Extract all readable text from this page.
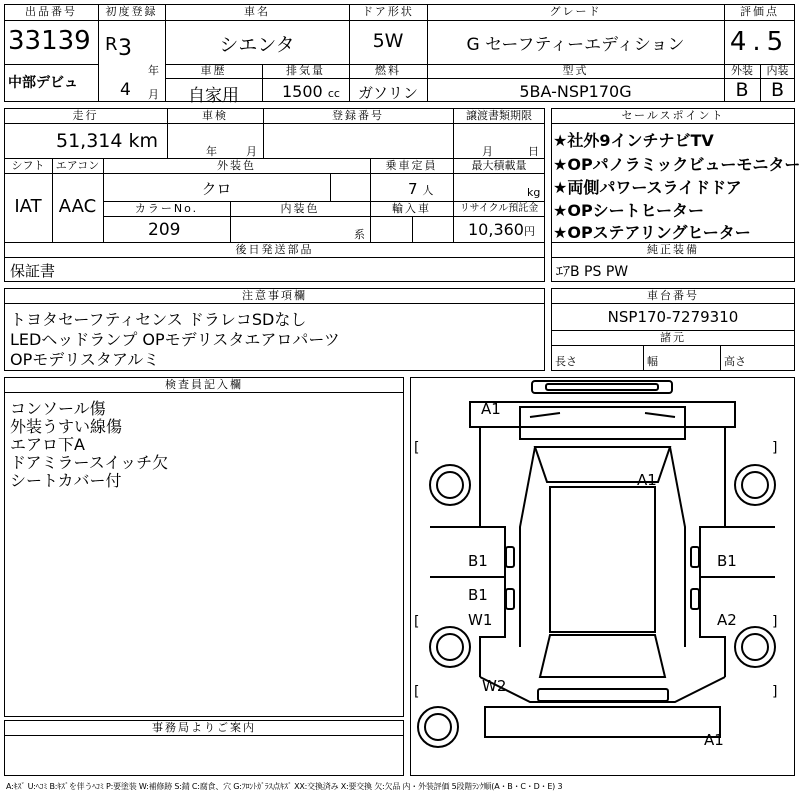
出品番号
33139
中部デビュ
初度登録
R 3
年
4 月
車名
シエンタ
ドア形状
5W
グレード
G セーフティーエディション
評価点
4.5
車歴
自家用
排気量
1500 cc
燃料
ガソリン
型式
5BA-NSP170G
外装	内装
B	B
走行
51,314 km
車検
年	月
登録番号	譲渡書類期限
月	日
シフト
IAT
エアコン
AAC
外装色
クロ
乗車定員
7 人
最大積載量
kg
カラーNo.
209
内装色
系
輸入車	リサイクル預託金
10,360円
後日発送部品
保証書
セールスポイント
★社外9インチナビTV
★OPパノラミックビューモニター
★両側パワースライドドア
★OPシートヒーター
★OPステアリングヒーター
純正装備
ｴｱB PS PW
注意事項欄
トヨタセーフティセンス ドラレコSDなし
LEDヘッドランプ OPモデリスタエアロパーツ
OPモデリスタアルミ
車台番号
NSP170-7279310
諸元
長さ	幅	高さ
検査員記入欄
コンソール傷
外装うすい線傷
エアロ下A
ドアミラースイッチ欠
シートカバー付
事務局よりご案内
[	]
[	]
[	]
A1
A1
B1	B1
B1
W1	A2
W2
A1
A:ｷｽﾞ U:ﾍｺﾐ B:ｷｽﾞを伴うﾍｺﾐ P:要塗装 W:補修跡 S:錆 C:腐食、穴 G:ﾌﾛﾝﾄｶﾞﾗｽ点ｷｽﾞ XX:交換済み X:要交換 欠:欠品 内・外装評価 5段階ﾗﾝｸ順(A・B・C・D・E) 3
